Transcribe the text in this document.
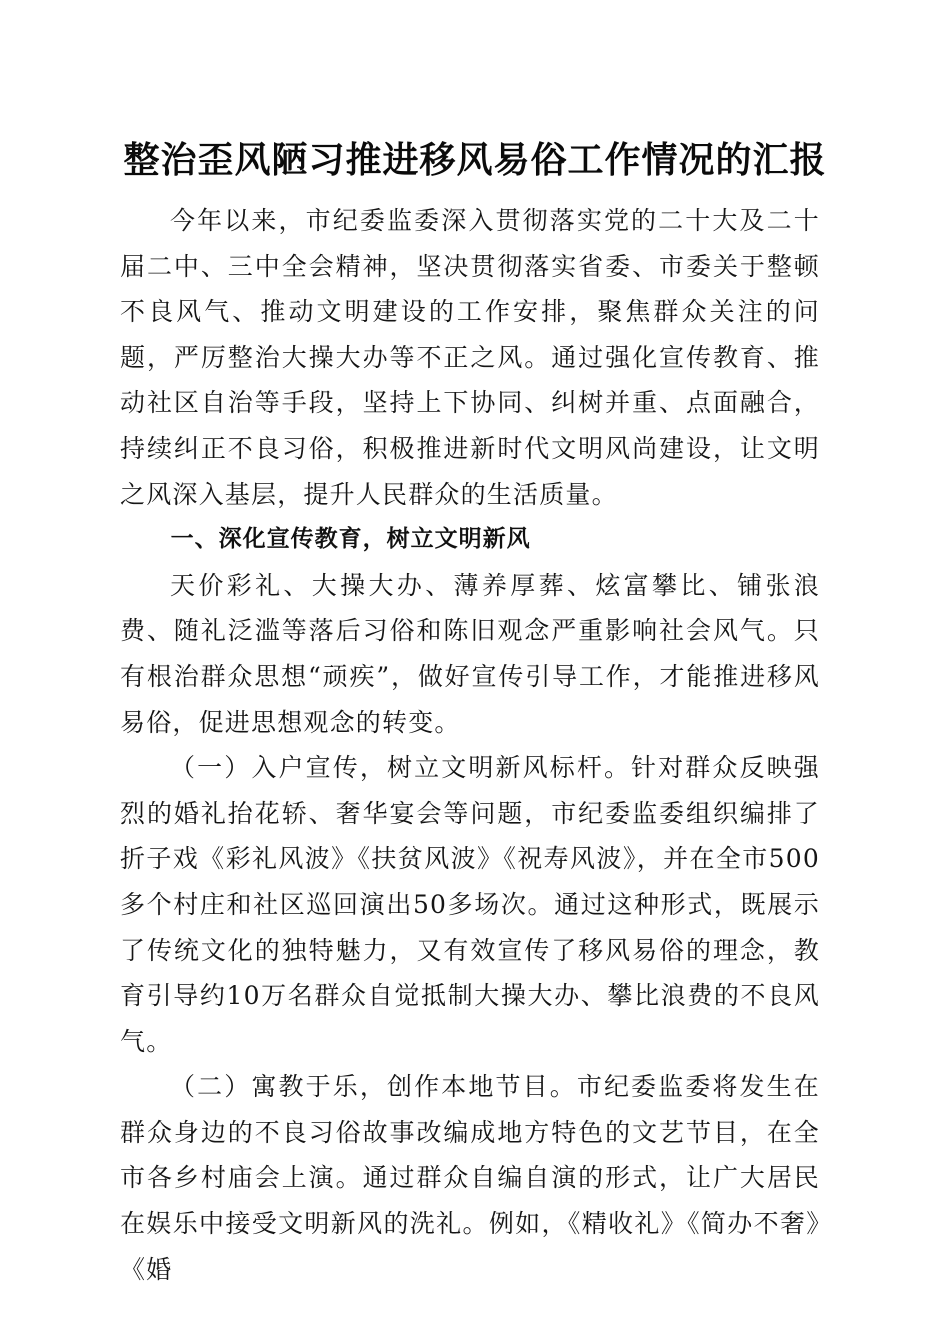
整治歪风陋习推进移风易俗工作情况的汇报

今年以来，市纪委监委深入贯彻落实党的二十大及二十届二中、三中全会精神，坚决贯彻落实省委、市委关于整顿不良风气、推动文明建设的工作安排，聚焦群众关注的问题，严厉整治大操大办等不正之风。通过强化宣传教育、推动社区自治等手段，坚持上下协同、纠树并重、点面融合，持续纠正不良习俗，积极推进新时代文明风尚建设，让文明之风深入基层，提升人民群众的生活质量。

一、深化宣传教育，树立文明新风

天价彩礼、大操大办、薄养厚葬、炫富攀比、铺张浪费、随礼泛滥等落后习俗和陈旧观念严重影响社会风气。只有根治群众思想“顽疾”，做好宣传引导工作，才能推进移风易俗，促进思想观念的转变。

（一）入户宣传，树立文明新风标杆。针对群众反映强烈的婚礼抬花轿、奢华宴会等问题，市纪委监委组织编排了折子戏《彩礼风波》《扶贫风波》《祝寿风波》，并在全市500多个村庄和社区巡回演出50多场次。通过这种形式，既展示了传统文化的独特魅力，又有效宣传了移风易俗的理念，教育引导约10万名群众自觉抵制大操大办、攀比浪费的不良风气。

（二）寓教于乐，创作本地节目。市纪委监委将发生在群众身边的不良习俗故事改编成地方特色的文艺节目，在全市各乡村庙会上演。通过群众自编自演的形式，让广大居民在娱乐中接受文明新风的洗礼。例如，《精收礼》《简办不奢》《婚
